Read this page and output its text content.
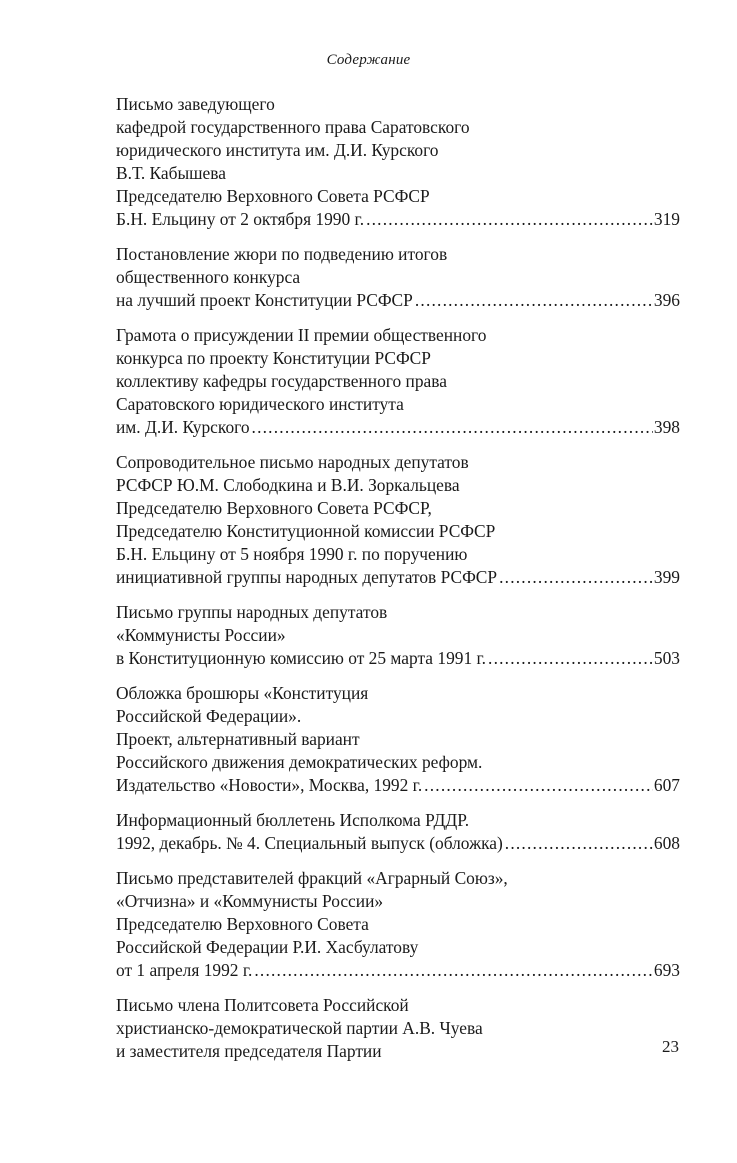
Содержание
Письмо заведующего
кафедрой государственного права Саратовского
юридического института им. Д.И. Курского
В.Т. Кабышева
Председателю Верховного Совета РСФСР
Б.Н. Ельцину от 2 октября 1990 г. .....	319
Постановление жюри по подведению итогов
общественного конкурса
на лучший проект Конституции РСФСР .....	396
Грамота о присуждении II премии общественного
конкурса по проекту Конституции РСФСР
коллективу кафедры государственного права
Саратовского юридического института
им. Д.И. Курского .....	398
Сопроводительное письмо народных депутатов
РСФСР Ю.М. Слободкина и В.И. Зоркальцева
Председателю Верховного Совета РСФСР,
Председателю Конституционной комиссии РСФСР
Б.Н. Ельцину от 5 ноября 1990 г. по поручению
инициативной группы народных депутатов РСФСР .....	399
Письмо группы народных депутатов
«Коммунисты России»
в Конституционную комиссию от 25 марта 1991 г. .....	503
Обложка брошюры «Конституция
Российской Федерации».
Проект, альтернативный вариант
Российского движения демократических реформ.
Издательство «Новости», Москва, 1992 г. .....	607
Информационный бюллетень Исполкома РДДР.
1992, декабрь. № 4. Специальный выпуск (обложка) .....	608
Письмо представителей фракций «Аграрный Союз»,
«Отчизна» и «Коммунисты России»
Председателю Верховного Совета
Российской Федерации Р.И. Хасбулатову
от 1 апреля 1992 г. .....	693
Письмо члена Политсовета Российской
христианско-демократической партии А.В. Чуева
и заместителя председателя Партии	23
